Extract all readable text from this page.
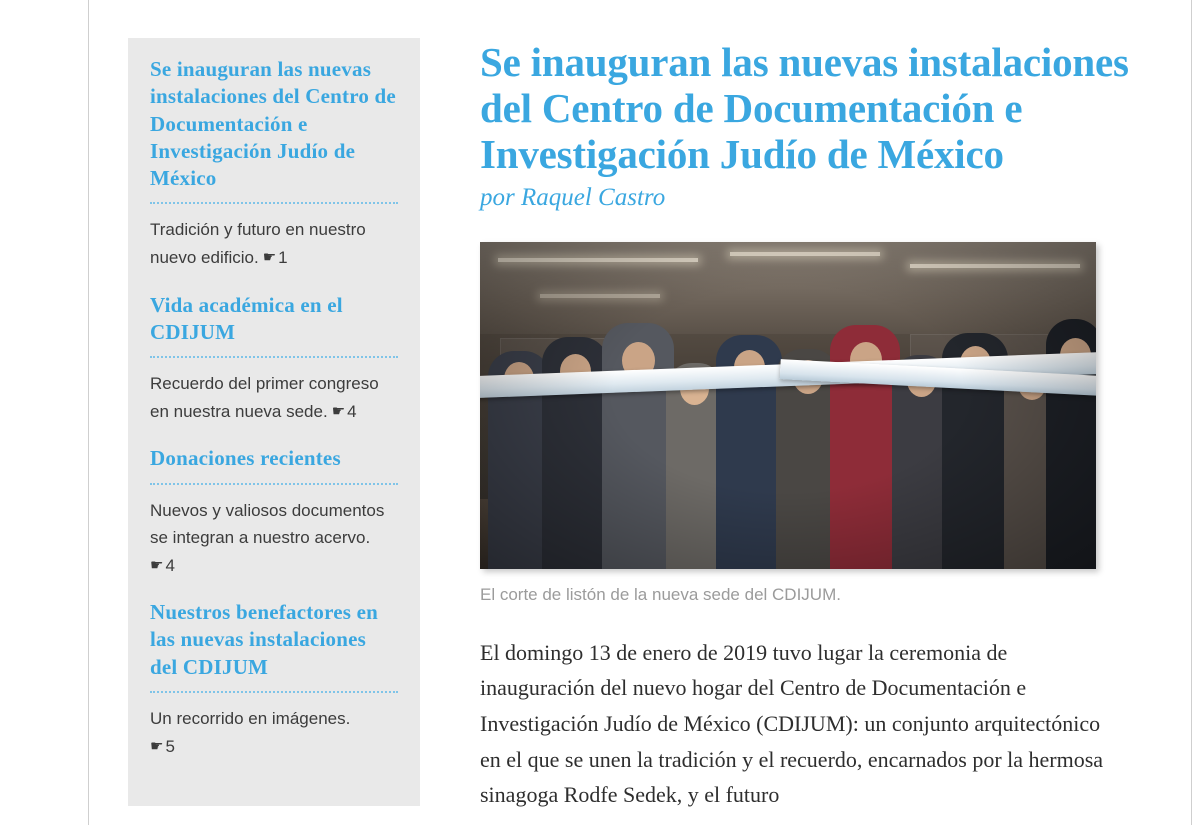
Se inauguran las nuevas instalaciones del Centro de Documentación e Investigación Judío de México

Tradición y futuro en nuestro nuevo edificio. ☛ 1

Vida académica en el CDIJUM

Recuerdo del primer congreso en nuestra nueva sede. ☛ 4

Donaciones recientes

Nuevos y valiosos documentos se integran a nuestro acervo.
☛ 4

Nuestros benefactores en las nuevas instalaciones del CDIJUM

Un recorrido en imágenes.
☛ 5

Se inauguran las nuevas instalaciones del Centro de Documentación e Investigación Judío de México

por Raquel Castro

El corte de listón de la nueva sede del CDIJUM.

El domingo 13 de enero de 2019 tuvo lugar la ceremonia de inauguración del nuevo hogar del Centro de Documentación e Investigación Judío de México (CDIJUM): un conjunto arquitectónico en el que se unen la tradición y el recuerdo, encarnados por la hermosa sinagoga Rodfe Sedek, y el futuro
